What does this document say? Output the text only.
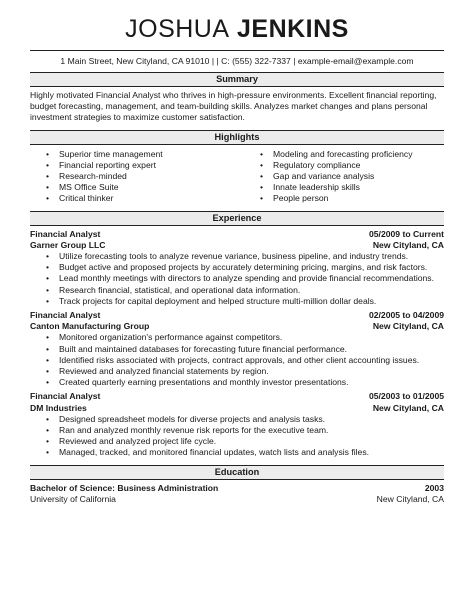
JOSHUA JENKINS
1 Main Street, New Cityland, CA 91010 | | C: (555) 322-7337 | example-email@example.com
Summary
Highly motivated Financial Analyst who thrives in high-pressure environments. Excellent financial reporting, budget forecasting, management, and team-building skills. Analyzes market changes and plans personal investment strategies to maximize customer satisfaction.
Highlights
• Superior time management
• Financial reporting expert
• Research-minded
• MS Office Suite
• Critical thinker
• Modeling and forecasting proficiency
• Regulatory compliance
• Gap and variance analysis
• Innate leadership skills
• People person
Experience
Financial Analyst	05/2009 to Current
Garner Group LLC	New Cityland, CA
• Utilize forecasting tools to analyze revenue variance, business pipeline, and industry trends.
• Budget active and proposed projects by accurately determining pricing, margins, and risk factors.
• Lead monthly meetings with directors to analyze spending and provide financial recommendations.
• Research financial, statistical, and operational data information.
• Track projects for capital deployment and helped structure multi-million dollar deals.
Financial Analyst	02/2005 to 04/2009
Canton Manufacturing Group	New Cityland, CA
• Monitored organization's performance against competitors.
• Built and maintained databases for forecasting future financial performance.
• Identified risks associated with projects, contract approvals, and other client accounting issues.
• Reviewed and analyzed financial statements by region.
• Created quarterly earning presentations and monthly investor presentations.
Financial Analyst	05/2003 to 01/2005
DM Industries	New Cityland, CA
• Designed spreadsheet models for diverse projects and analysis tasks.
• Ran and analyzed monthly revenue risk reports for the executive team.
• Reviewed and analyzed project life cycle.
• Managed, tracked, and monitored financial updates, watch lists and analysis files.
Education
Bachelor of Science: Business Administration	2003
University of California	New Cityland, CA
